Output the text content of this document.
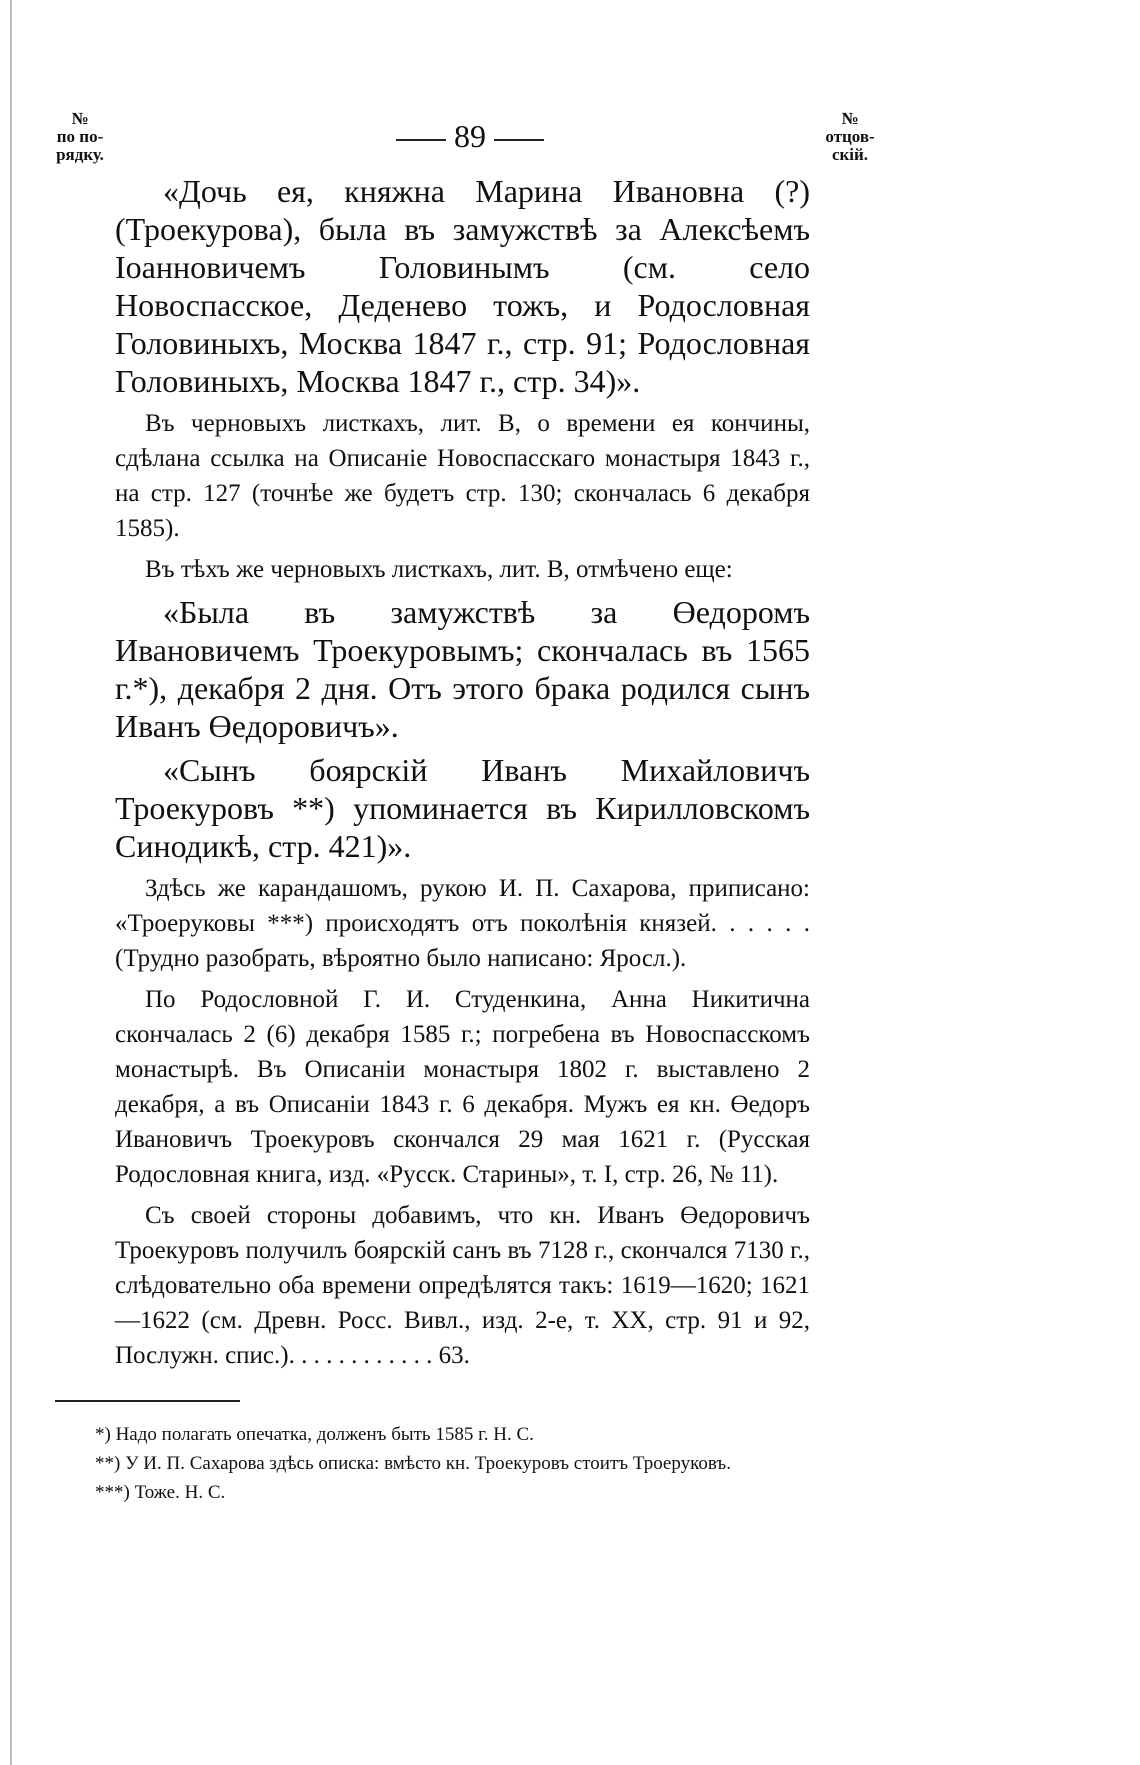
№
по по-
рядку.
89	№
отцов-
скій.

«Дочь ея, княжна Марина Ивановна (?) (Троекурова), была въ замужствѣ за Алексѣемъ Іоанновичемъ Головинымъ (см. село Новоспасское, Деденево тожъ, и Родословная Головиныхъ, Москва 1847 г., стр. 91; Родословная Головиныхъ, Москва 1847 г., стр. 34)».

Въ черновыхъ листкахъ, лит. В, о времени ея кончины, сдѣлана ссылка на Описаніе Новоспасскаго монастыря 1843 г., на стр. 127 (точнѣе же будетъ стр. 130; скончалась 6 декабря 1585).

Въ тѣхъ же черновыхъ листкахъ, лит. В, отмѣчено еще:

«Была въ замужствѣ за Өедоромъ Ивановичемъ Троекуровымъ; скончалась въ 1565 г.*), декабря 2 дня. Отъ этого брака родился сынъ Иванъ Өедоровичъ».

«Сынъ боярскій Иванъ Михайловичъ Троекуровъ **) упоминается въ Кирилловскомъ Синодикѣ, стр. 421)».

Здѣсь же карандашомъ, рукою И. П. Сахарова, приписано: «Троеруковы ***) происходятъ отъ поколѣнія князей. . . . . . (Трудно разобрать, вѣроятно было написано: Яросл.).

По Родословной Г. И. Студенкина, Анна Никитична скончалась 2 (6) декабря 1585 г.; погребена въ Новоспасскомъ монастырѣ. Въ Описаніи монастыря 1802 г. выставлено 2 декабря, а въ Описаніи 1843 г. 6 декабря. Мужъ ея кн. Өедоръ Ивановичъ Троекуровъ скончался 29 мая 1621 г. (Русская Родословная книга, изд. «Русск. Старины», т. I, стр. 26, № 11).

Съ своей стороны добавимъ, что кн. Иванъ Өедоровичъ Троекуровъ получилъ боярскій санъ въ 7128 г., скончался 7130 г., слѣдовательно оба времени опредѣлятся такъ: 1619—1620; 1621—1622 (см. Древн. Росс. Вивл., изд. 2-е, т. XX, стр. 91 и 92, Послужн. спис.). . . . . . . . . . . . 63.

*) Надо полагать опечатка, долженъ быть 1585 г. Н. С.
**) У И. П. Сахарова здѣсь описка: вмѣсто кн. Троекуровъ стоитъ Троеруковъ.
***) Тоже. Н. С.
